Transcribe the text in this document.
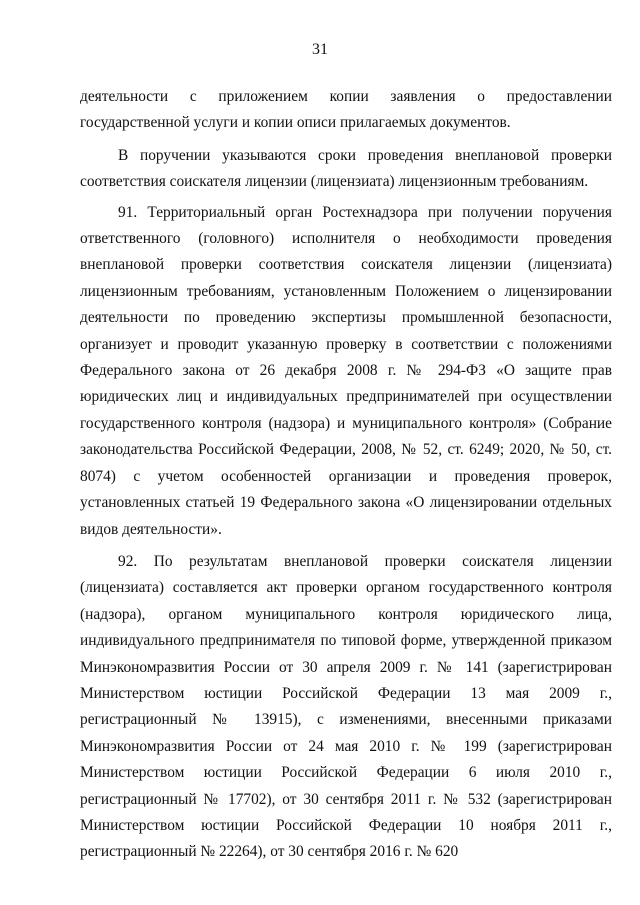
31

деятельности с приложением копии заявления о предоставлении государственной услуги и копии описи прилагаемых документов.

В поручении указываются сроки проведения внеплановой проверки соответствия соискателя лицензии (лицензиата) лицензионным требованиям.

91. Территориальный орган Ростехнадзора при получении поручения ответственного (головного) исполнителя о необходимости проведения внеплановой проверки соответствия соискателя лицензии (лицензиата) лицензионным требованиям, установленным Положением о лицензировании деятельности по проведению экспертизы промышленной безопасности, организует и проводит указанную проверку в соответствии с положениями Федерального закона от 26 декабря 2008 г. № 294-ФЗ «О защите прав юридических лиц и индивидуальных предпринимателей при осуществлении государственного контроля (надзора) и муниципального контроля» (Собрание законодательства Российской Федерации, 2008, № 52, ст. 6249; 2020, № 50, ст. 8074) с учетом особенностей организации и проведения проверок, установленных статьей 19 Федерального закона «О лицензировании отдельных видов деятельности».

92. По результатам внеплановой проверки соискателя лицензии (лицензиата) составляется акт проверки органом государственного контроля (надзора), органом муниципального контроля юридического лица, индивидуального предпринимателя по типовой форме, утвержденной приказом Минэкономразвития России от 30 апреля 2009 г. № 141 (зарегистрирован Министерством юстиции Российской Федерации 13 мая 2009 г., регистрационный № 13915), с изменениями, внесенными приказами Минэкономразвития России от 24 мая 2010 г. № 199 (зарегистрирован Министерством юстиции Российской Федерации 6 июля 2010 г., регистрационный № 17702), от 30 сентября 2011 г. № 532 (зарегистрирован Министерством юстиции Российской Федерации 10 ноября 2011 г., регистрационный № 22264), от 30 сентября 2016 г. № 620
